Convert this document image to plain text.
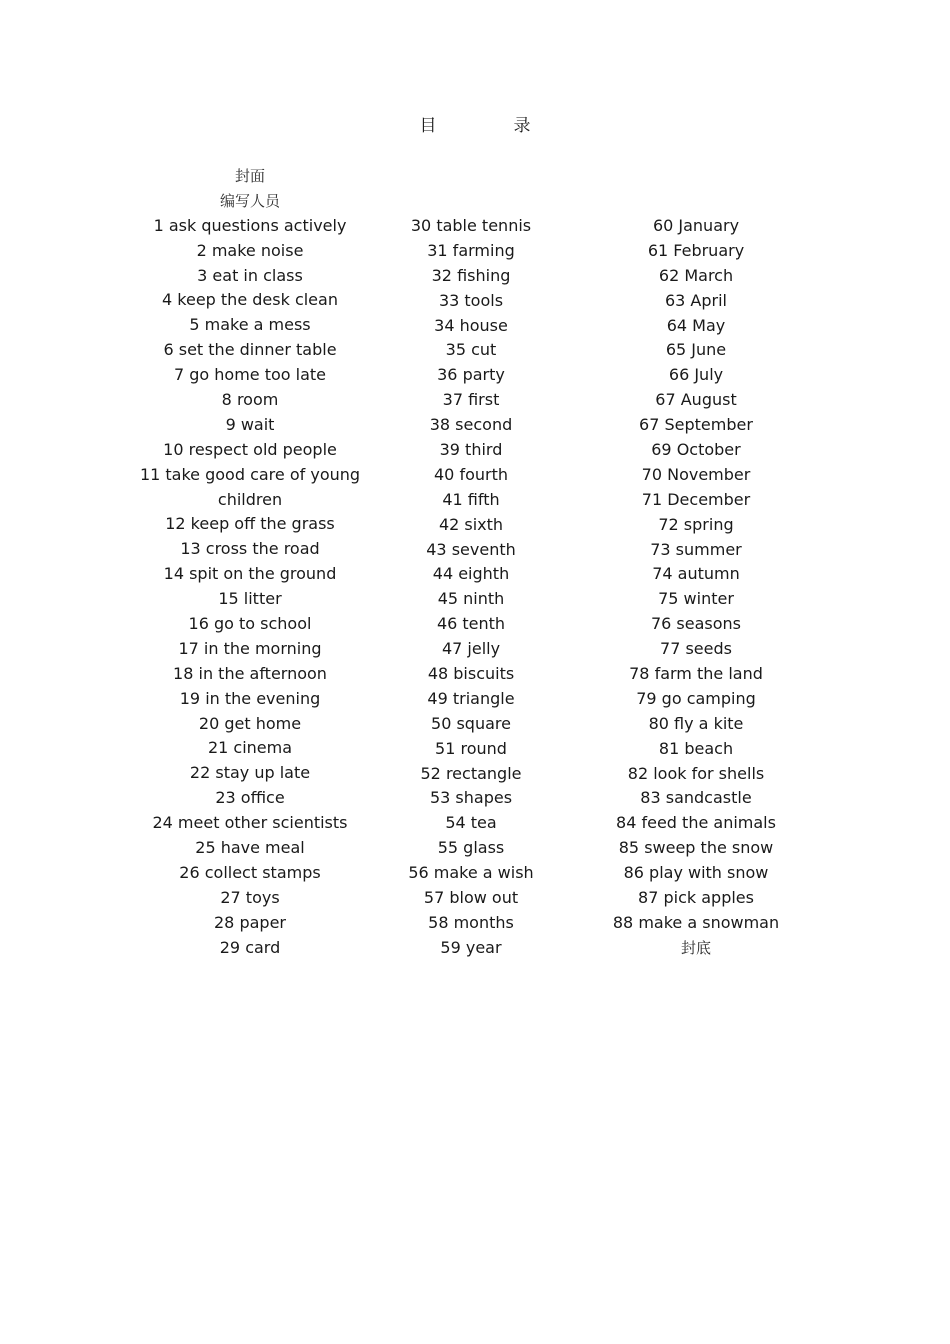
目　录
封面
编写人员
1 ask questions actively
2 make noise
3 eat in class
4 keep the desk clean
5 make a mess
6 set the dinner table
7 go home too late
8 room
9 wait
10 respect old people
11 take good care of young
children
12 keep off the grass
13 cross the road
14 spit on the ground
15 litter
16 go to school
17 in the morning
18 in the afternoon
19 in the evening
20 get home
21 cinema
22 stay up late
23 office
24 meet other scientists
25 have meal
26 collect stamps
27 toys
28 paper
29 card
30 table tennis
31 farming
32 fishing
33 tools
34 house
35 cut
36 party
37 first
38 second
39 third
40 fourth
41 fifth
42 sixth
43 seventh
44 eighth
45 ninth
46 tenth
47 jelly
48 biscuits
49 triangle
50 square
51 round
52 rectangle
53 shapes
54 tea
55 glass
56 make a wish
57 blow out
58 months
59 year
60 January
61 February
62 March
63 April
64 May
65 June
66 July
67 August
67 September
69 October
70 November
71 December
72 spring
73 summer
74 autumn
75 winter
76 seasons
77 seeds
78 farm the land
79 go camping
80 fly a kite
81 beach
82 look for shells
83 sandcastle
84 feed the animals
85 sweep the snow
86 play with snow
87 pick apples
88 make a snowman
封底
